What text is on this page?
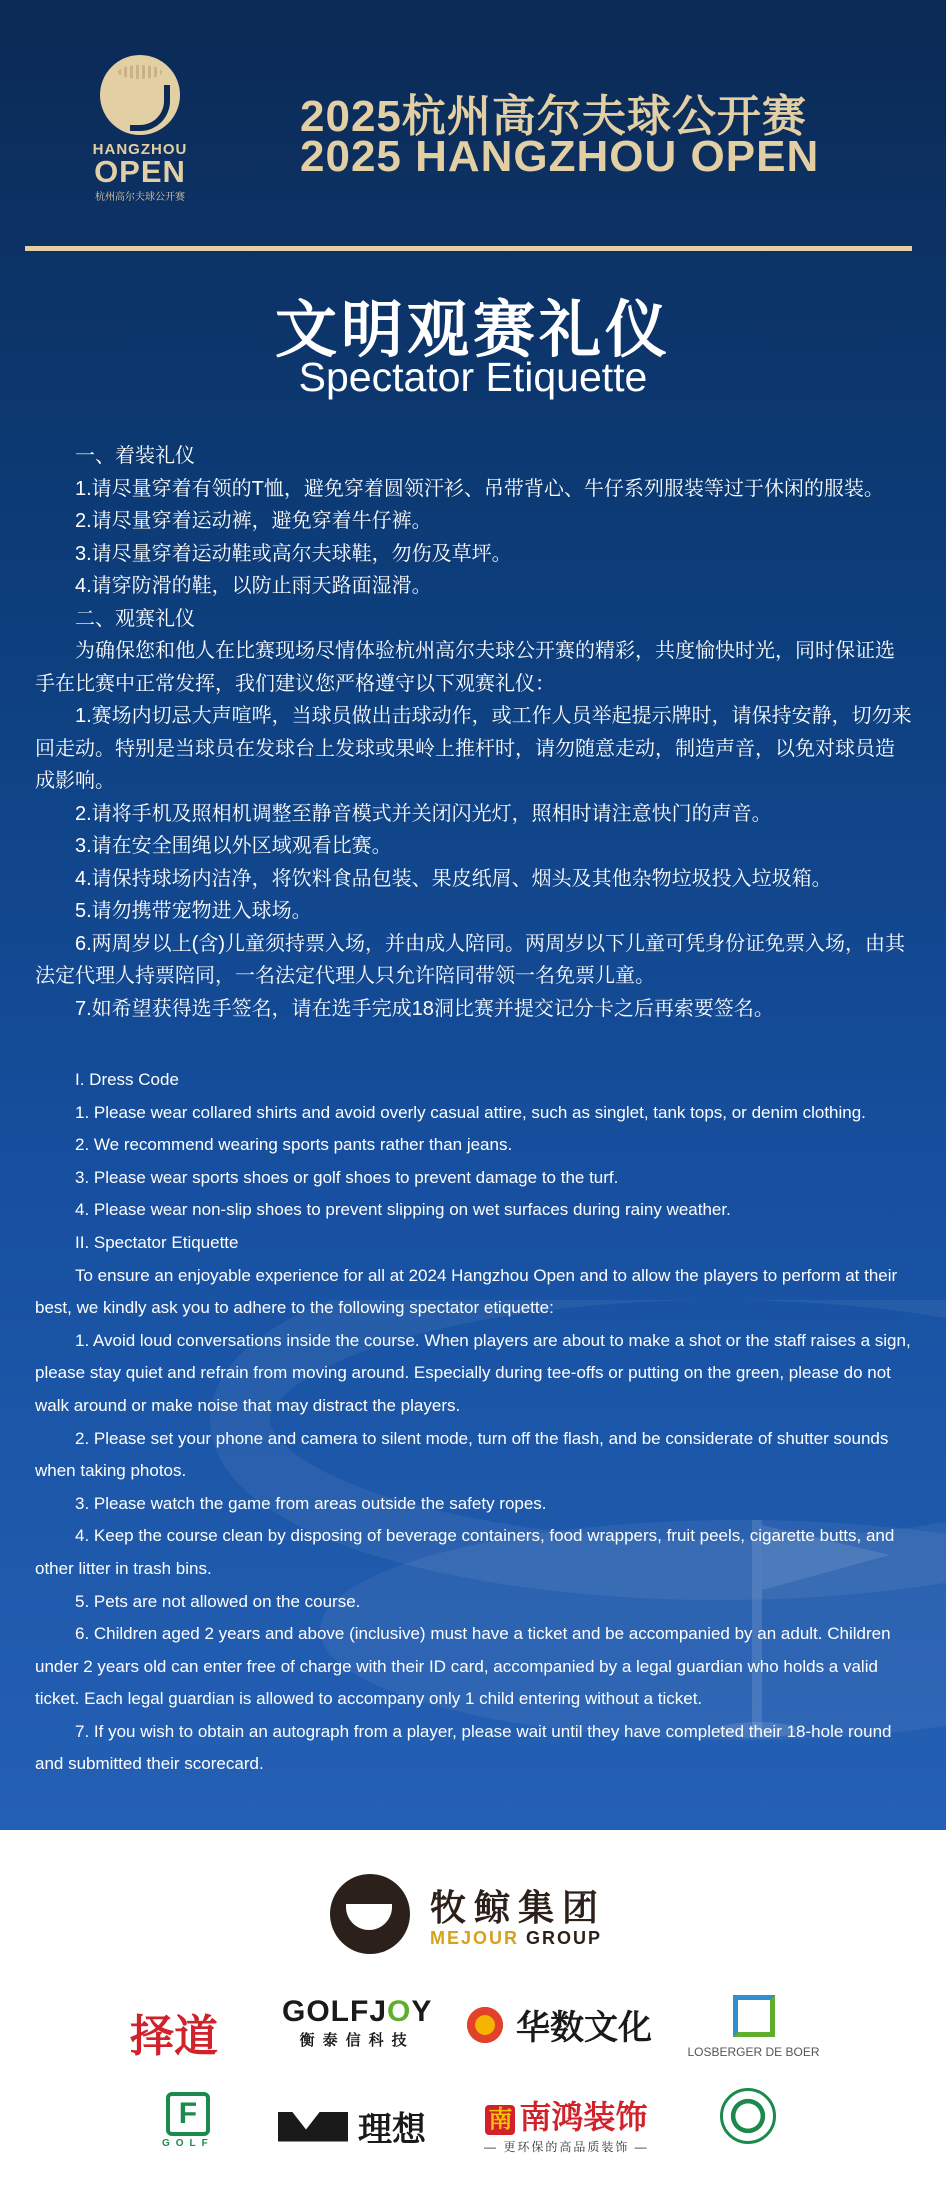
HANGZHOU
OPEN
杭州高尔夫球公开赛
2025杭州高尔夫球公开赛
2025 HANGZHOU OPEN
文明观赛礼仪
Spectator Etiquette

一、着装礼仪

1.请尽量穿着有领的T恤，避免穿着圆领汗衫、吊带背心、牛仔系列服装等过于休闲的服装。

2.请尽量穿着运动裤，避免穿着牛仔裤。

3.请尽量穿着运动鞋或高尔夫球鞋，勿伤及草坪。

4.请穿防滑的鞋，以防止雨天路面湿滑。

二、观赛礼仪

为确保您和他人在比赛现场尽情体验杭州高尔夫球公开赛的精彩，共度愉快时光，同时保证选手在比赛中正常发挥，我们建议您严格遵守以下观赛礼仪：

1.赛场内切忌大声喧哗，当球员做出击球动作，或工作人员举起提示牌时，请保持安静，切勿来回走动。特别是当球员在发球台上发球或果岭上推杆时，请勿随意走动，制造声音，以免对球员造成影响。

2.请将手机及照相机调整至静音模式并关闭闪光灯，照相时请注意快门的声音。

3.请在安全围绳以外区域观看比赛。

4.请保持球场内洁净，将饮料食品包装、果皮纸屑、烟头及其他杂物垃圾投入垃圾箱。

5.请勿携带宠物进入球场。

6.两周岁以上(含)儿童须持票入场，并由成人陪同。两周岁以下儿童可凭身份证免票入场，由其法定代理人持票陪同，一名法定代理人只允许陪同带领一名免票儿童。

7.如希望获得选手签名，请在选手完成18洞比赛并提交记分卡之后再索要签名。

I. Dress Code

1. Please wear collared shirts and avoid overly casual attire, such as singlet, tank tops, or denim clothing.

2. We recommend wearing sports pants rather than jeans.

3. Please wear sports shoes or golf shoes to prevent damage to the turf.

4. Please wear non-slip shoes to prevent slipping on wet surfaces during rainy weather.

II. Spectator Etiquette

To ensure an enjoyable experience for all at 2024 Hangzhou Open and to allow the players to perform at their best, we kindly ask you to adhere to the following spectator etiquette:

1. Avoid loud conversations inside the course. When players are about to make a shot or the staff raises a sign, please stay quiet and refrain from moving around. Especially during tee-offs or putting on the green, please do not walk around or make noise that may distract the players.

2. Please set your phone and camera to silent mode, turn off the flash, and be considerate of shutter sounds when taking photos.

3. Please watch the game from areas outside the safety ropes.

4. Keep the course clean by disposing of beverage containers, food wrappers, fruit peels, cigarette butts, and other litter in trash bins.

5. Pets are not allowed on the course.

6. Children aged 2 years and above (inclusive) must have a ticket and be accompanied by an adult. Children under 2 years old can enter free of charge with their ID card, accompanied by a legal guardian who holds a valid ticket. Each legal guardian is allowed to accompany only 1 child entering without a ticket.

7. If you wish to obtain an autograph from a player, please wait until they have completed their 18-hole round and submitted their scorecard.

牧鲸集团
MEJOUR GROUP
择道
GOLFJOY
衡泰信科技	华数文化
LOSBERGER DE BOER
F
GOLF	理想	南 南鸿装饰
— 更环保的高品质装饰 —
